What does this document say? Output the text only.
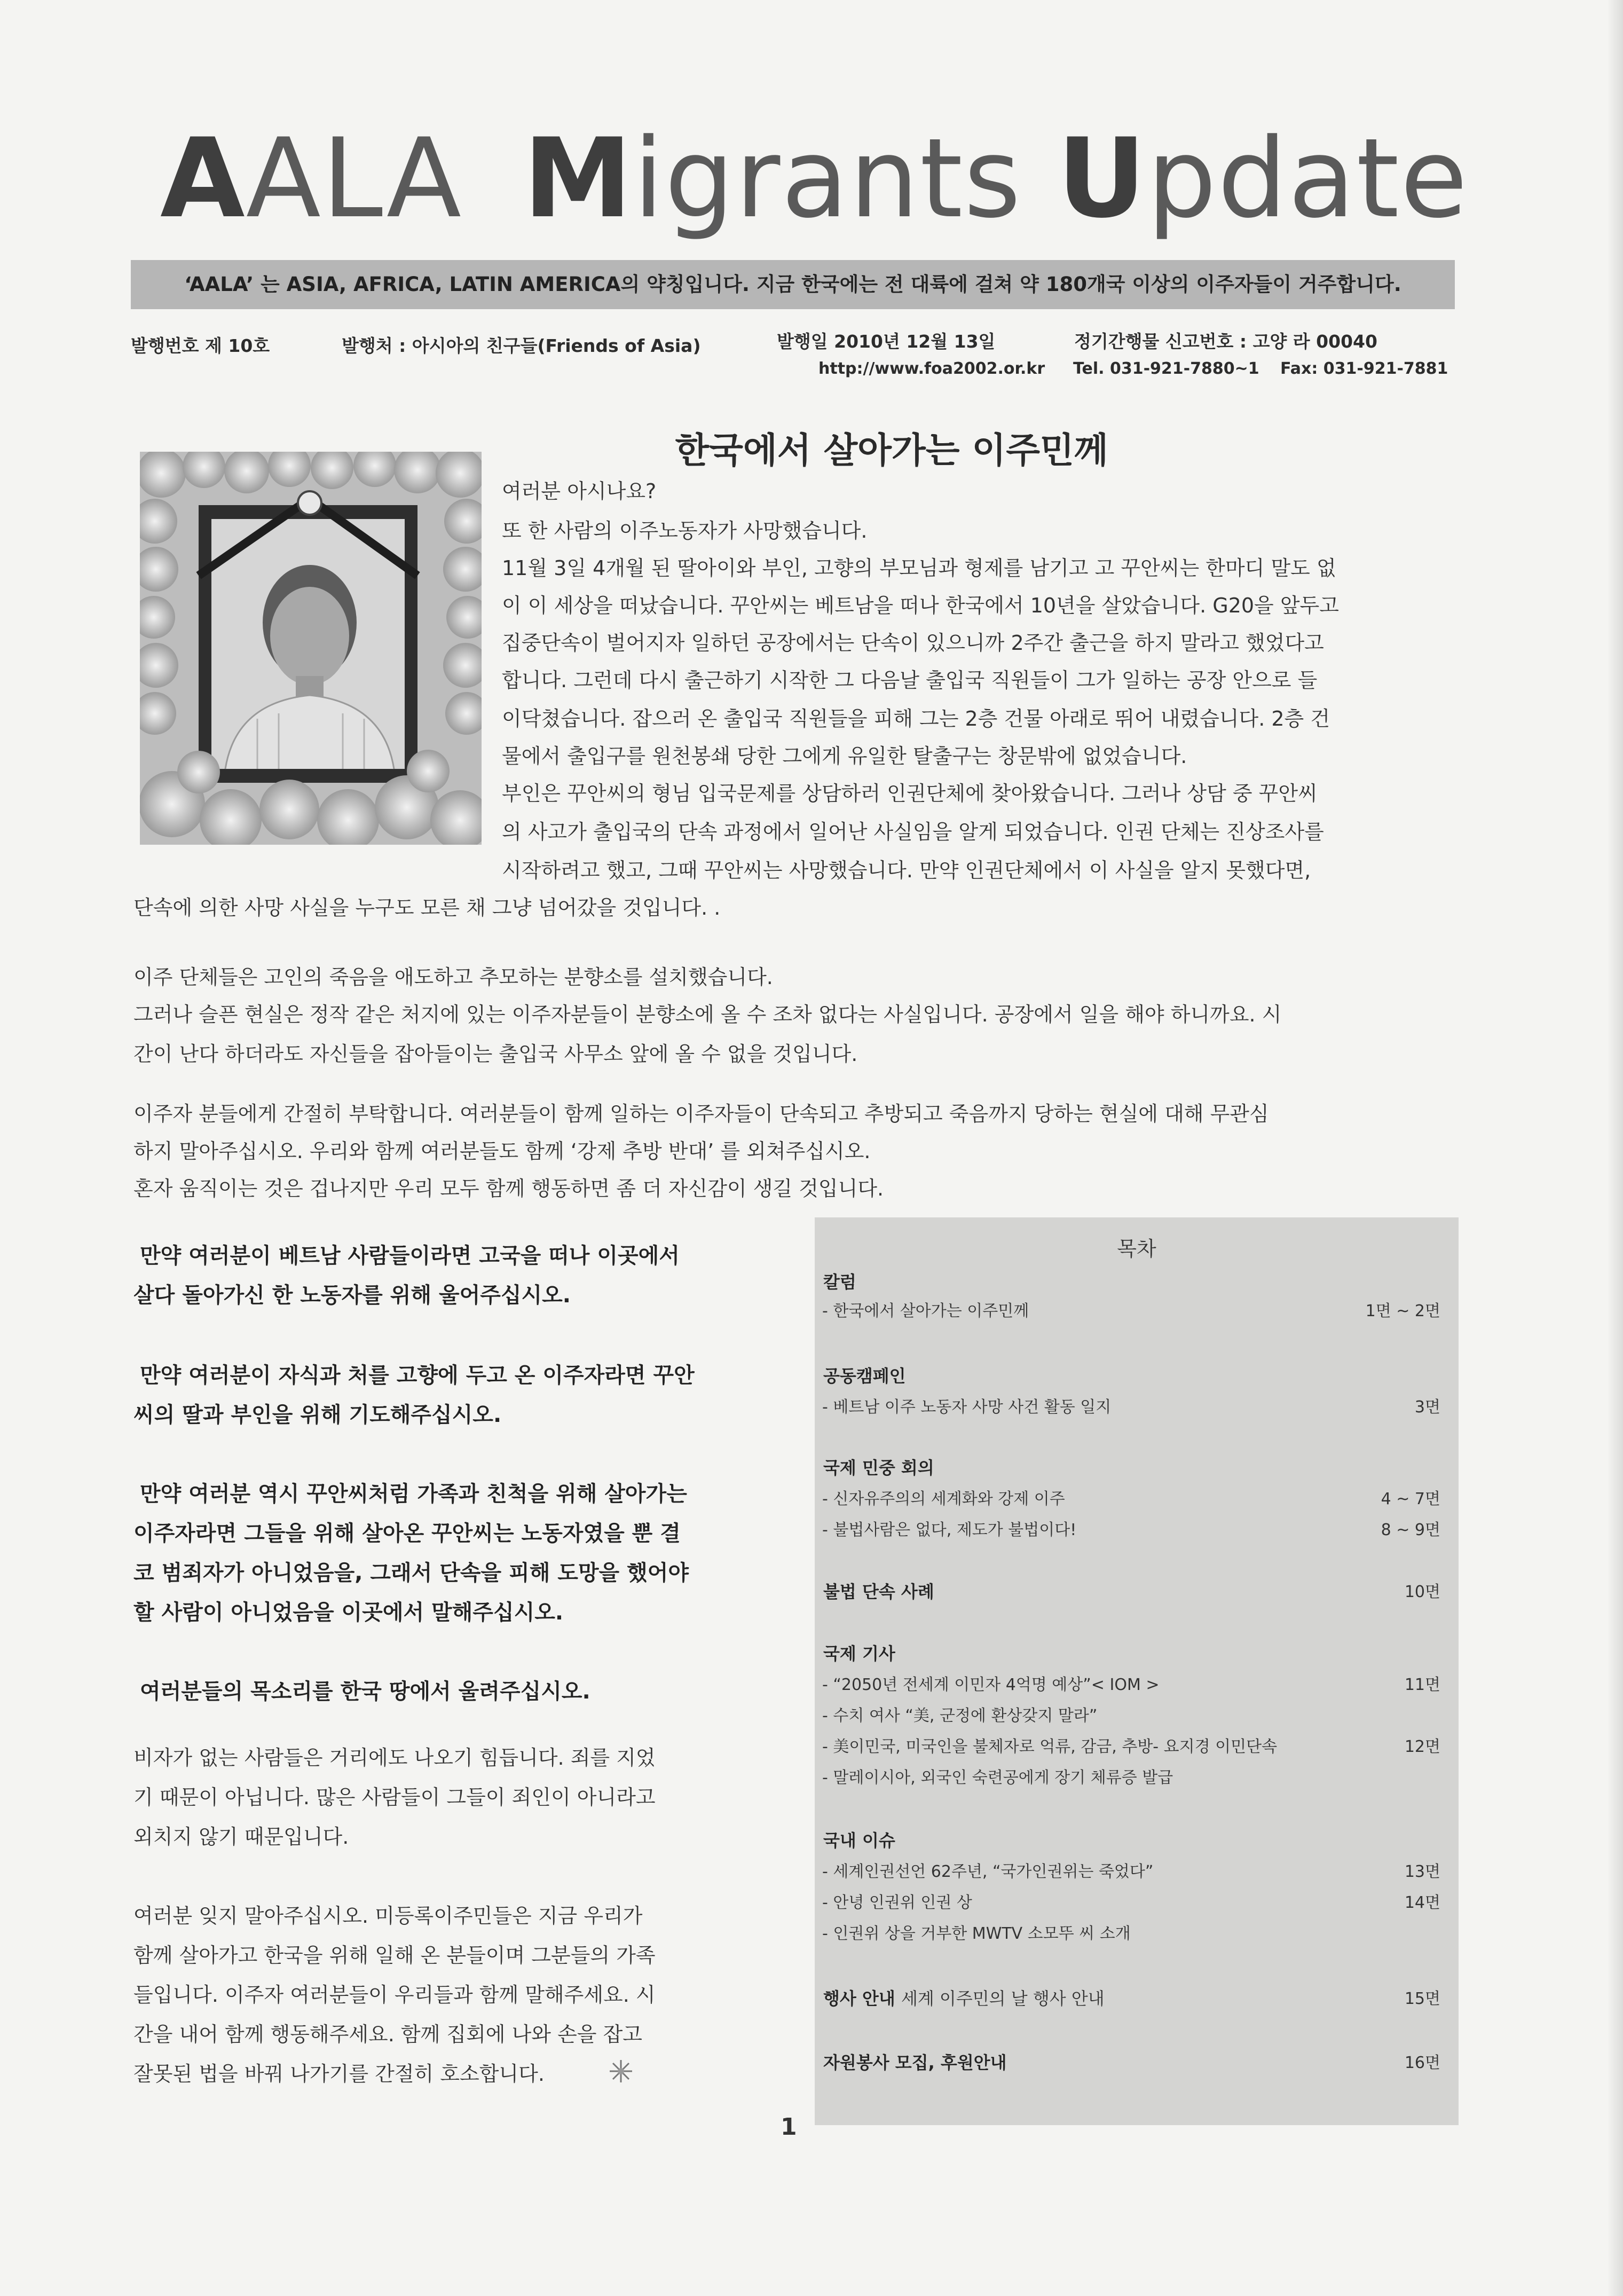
AALA Migrants Update
‘AALA’ 는 ASIA, AFRICA, LATIN AMERICA의 약칭입니다. 지금 한국에는 전 대륙에 걸쳐 약 180개국 이상의 이주자들이 거주합니다.
발행번호 제 10호	발행처 : 아시아의 친구들(Friends of Asia)	발행일 2010년 12월 13일	정기간행물 신고번호 : 고양 라 00040
http://www.foa2002.or.kr Tel. 031-921-7880~1 Fax: 031-921-7881
한국에서 살아가는 이주민께
여러분 아시나요?
또 한 사람의 이주노동자가 사망했습니다.
11월 3일 4개월 된 딸아이와 부인, 고향의 부모님과 형제를 남기고 고 꾸안씨는 한마디 말도 없
이 이 세상을 떠났습니다. 꾸안씨는 베트남을 떠나 한국에서 10년을 살았습니다. G20을 앞두고
집중단속이 벌어지자 일하던 공장에서는 단속이 있으니까 2주간 출근을 하지 말라고 했었다고
합니다. 그런데 다시 출근하기 시작한 그 다음날 출입국 직원들이 그가 일하는 공장 안으로 들
이닥쳤습니다. 잡으러 온 출입국 직원들을 피해 그는 2층 건물 아래로 뛰어 내렸습니다. 2층 건
물에서 출입구를 원천봉쇄 당한 그에게 유일한 탈출구는 창문밖에 없었습니다.
부인은 꾸안씨의 형님 입국문제를 상담하러 인권단체에 찾아왔습니다. 그러나 상담 중 꾸안씨
의 사고가 출입국의 단속 과정에서 일어난 사실임을 알게 되었습니다. 인권 단체는 진상조사를
시작하려고 했고, 그때 꾸안씨는 사망했습니다. 만약 인권단체에서 이 사실을 알지 못했다면,
단속에 의한 사망 사실을 누구도 모른 채 그냥 넘어갔을 것입니다. .
이주 단체들은 고인의 죽음을 애도하고 추모하는 분향소를 설치했습니다.
그러나 슬픈 현실은 정작 같은 처지에 있는 이주자분들이 분향소에 올 수 조차 없다는 사실입니다. 공장에서 일을 해야 하니까요. 시
간이 난다 하더라도 자신들을 잡아들이는 출입국 사무소 앞에 올 수 없을 것입니다.
이주자 분들에게 간절히 부탁합니다. 여러분들이 함께 일하는 이주자들이 단속되고 추방되고 죽음까지 당하는 현실에 대해 무관심
하지 말아주십시오. 우리와 함께 여러분들도 함께 ‘강제 추방 반대’ 를 외쳐주십시오.
혼자 움직이는 것은 겁나지만 우리 모두 함께 행동하면 좀 더 자신감이 생길 것입니다.
만약 여러분이 베트남 사람들이라면 고국을 떠나 이곳에서
살다 돌아가신 한 노동자를 위해 울어주십시오.
만약 여러분이 자식과 처를 고향에 두고 온 이주자라면 꾸안
씨의 딸과 부인을 위해 기도해주십시오.
만약 여러분 역시 꾸안씨처럼 가족과 친척을 위해 살아가는
이주자라면 그들을 위해 살아온 꾸안씨는 노동자였을 뿐 결
코 범죄자가 아니었음을, 그래서 단속을 피해 도망을 했어야
할 사람이 아니었음을 이곳에서 말해주십시오.
여러분들의 목소리를 한국 땅에서 울려주십시오.
비자가 없는 사람들은 거리에도 나오기 힘듭니다. 죄를 지었
기 때문이 아닙니다. 많은 사람들이 그들이 죄인이 아니라고
외치지 않기 때문입니다.
여러분 잊지 말아주십시오. 미등록이주민들은 지금 우리가
함께 살아가고 한국을 위해 일해 온 분들이며 그분들의 가족
들입니다. 이주자 여러분들이 우리들과 함께 말해주세요. 시
간을 내어 함께 행동해주세요. 함께 집회에 나와 손을 잡고
잘못된 법을 바꿔 나가기를 간절히 호소합니다.
목차
칼럼
- 한국에서 살아가는 이주민께	1면 ~ 2면
공동캠페인
- 베트남 이주 노동자 사망 사건 활동 일지	3면
국제 민중 회의
- 신자유주의의 세계화와 강제 이주	4 ~ 7면
- 불법사람은 없다, 제도가 불법이다!	8 ~ 9면
불법 단속 사례	10면
국제 기사
- “2050년 전세계 이민자 4억명 예상”< IOM >	11면
- 수치 여사 “美, 군정에 환상갖지 말라”
- 美이민국, 미국인을 불체자로 억류, 감금, 추방- 요지경 이민단속	12면
- 말레이시아, 외국인 숙련공에게 장기 체류증 발급
국내 이슈
- 세계인권선언 62주년, “국가인권위는 죽었다”	13면
- 안녕 인권위 인권 상	14면
- 인권위 상을 거부한 MWTV 소모뚜 씨 소개
행사 안내 세계 이주민의 날 행사 안내	15면
자원봉사 모집, 후원안내	16면
1
